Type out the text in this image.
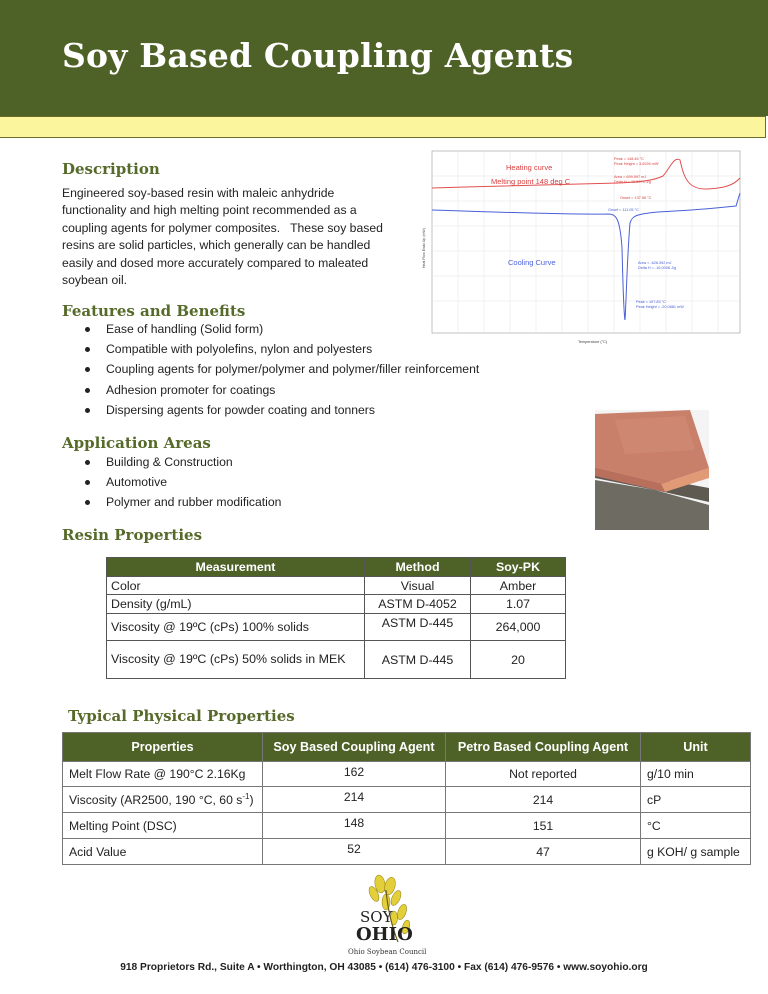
Soy Based Coupling Agents
Description
Engineered soy-based resin with maleic anhydride
functionality and high melting point recommended as a
coupling agents for polymer composites.   These soy based
resins are solid particles, which generally can be handled
easily and dosed more accurately compared to maleated
soybean oil.
Heating curve
Melting point 148 deg C
Cooling Curve
Peak = 148.46 °C
Peak Height = 3.0026 mW
Area = 699.597 mJ
Delta H = 10.5075 J/g
Onset = 137.56 °C
Onset = 111.05 °C
Area = -626.392 mJ
Delta H = -16.0008 J/g
Peak = 107.83 °C
Peak Height = -20.0881 mW
Temperature (°C)
Heat Flow Endo Up (mW)
Features and Benefits
Ease of handling (Solid form)
Compatible with polyolefins, nylon and polyesters
Coupling agents for polymer/polymer and polymer/filler reinforcement
Adhesion promoter for coatings
Dispersing agents for powder coating and tonners
Application Areas
Building & Construction
Automotive
Polymer and rubber modification
Resin Properties
Measurement	Method	Soy-PK
Color	Visual	Amber
Density (g/mL)	ASTM D-4052	1.07
Viscosity @ 19ºC (cPs) 100% solids	ASTM D-445	264,000
Viscosity @ 19ºC (cPs) 50% solids in MEK	ASTM D-445	20
Typical Physical Properties
Properties	Soy Based Coupling Agent	Petro Based Coupling Agent	Unit
Melt Flow Rate @ 190°C 2.16Kg	162	Not reported	g/10 min
Viscosity (AR2500, 190 °C, 60 $s^{-1}$)	214	214	cP
Melting Point (DSC)	148	151	°C
Acid Value	52	47	g KOH/ g sample
SOY
OHIO
Ohio Soybean Council
918 Proprietors Rd., Suite A • Worthington, OH 43085 • (614) 476-3100 • Fax (614) 476-9576 • www.soyohio.org
